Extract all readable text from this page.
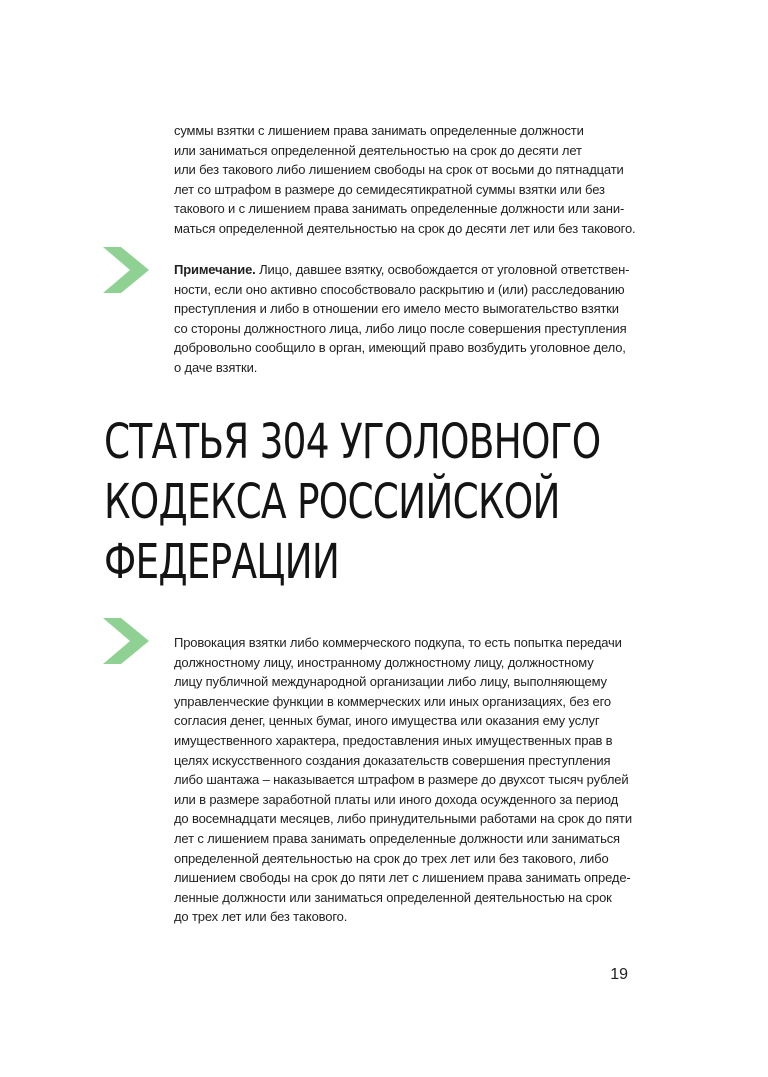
суммы взятки с лишением права занимать определенные должности
или заниматься определенной деятельностью на срок до десяти лет
или без такового либо лишением свободы на срок от восьми до пятнадцати
лет со штрафом в размере до семидесятикратной суммы взятки или без
такового и с лишением права занимать определенные должности или зани-
маться определенной деятельностью на срок до десяти лет или без такового.

Примечание. Лицо, давшее взятку, освобождается от уголовной ответствен-
ности, если оно активно способствовало раскрытию и (или) расследованию
преступления и либо в отношении его имело место вымогательство взятки
со стороны должностного лица, либо лицо после совершения преступления
добровольно сообщило в орган, имеющий право возбудить уголовное дело,
о даче взятки.

СТАТЬЯ 304 УГОЛОВНОГО
КОДЕКСА РОССИЙСКОЙ
ФЕДЕРАЦИИ

Провокация взятки либо коммерческого подкупа, то есть попытка передачи
должностному лицу, иностранному должностному лицу, должностному
лицу публичной международной организации либо лицу, выполняющему
управленческие функции в коммерческих или иных организациях, без его
согласия денег, ценных бумаг, иного имущества или оказания ему услуг
имущественного характера, предоставления иных имущественных прав в
целях искусственного создания доказательств совершения преступления
либо шантажа – наказывается штрафом в размере до двухсот тысяч рублей
или в размере заработной платы или иного дохода осужденного за период
до восемнадцати месяцев, либо принудительными работами на срок до пяти
лет с лишением права занимать определенные должности или заниматься
определенной деятельностью на срок до трех лет или без такового, либо
лишением свободы на срок до пяти лет с лишением права занимать опреде-
ленные должности или заниматься определенной деятельностью на срок
до трех лет или без такового.

19
